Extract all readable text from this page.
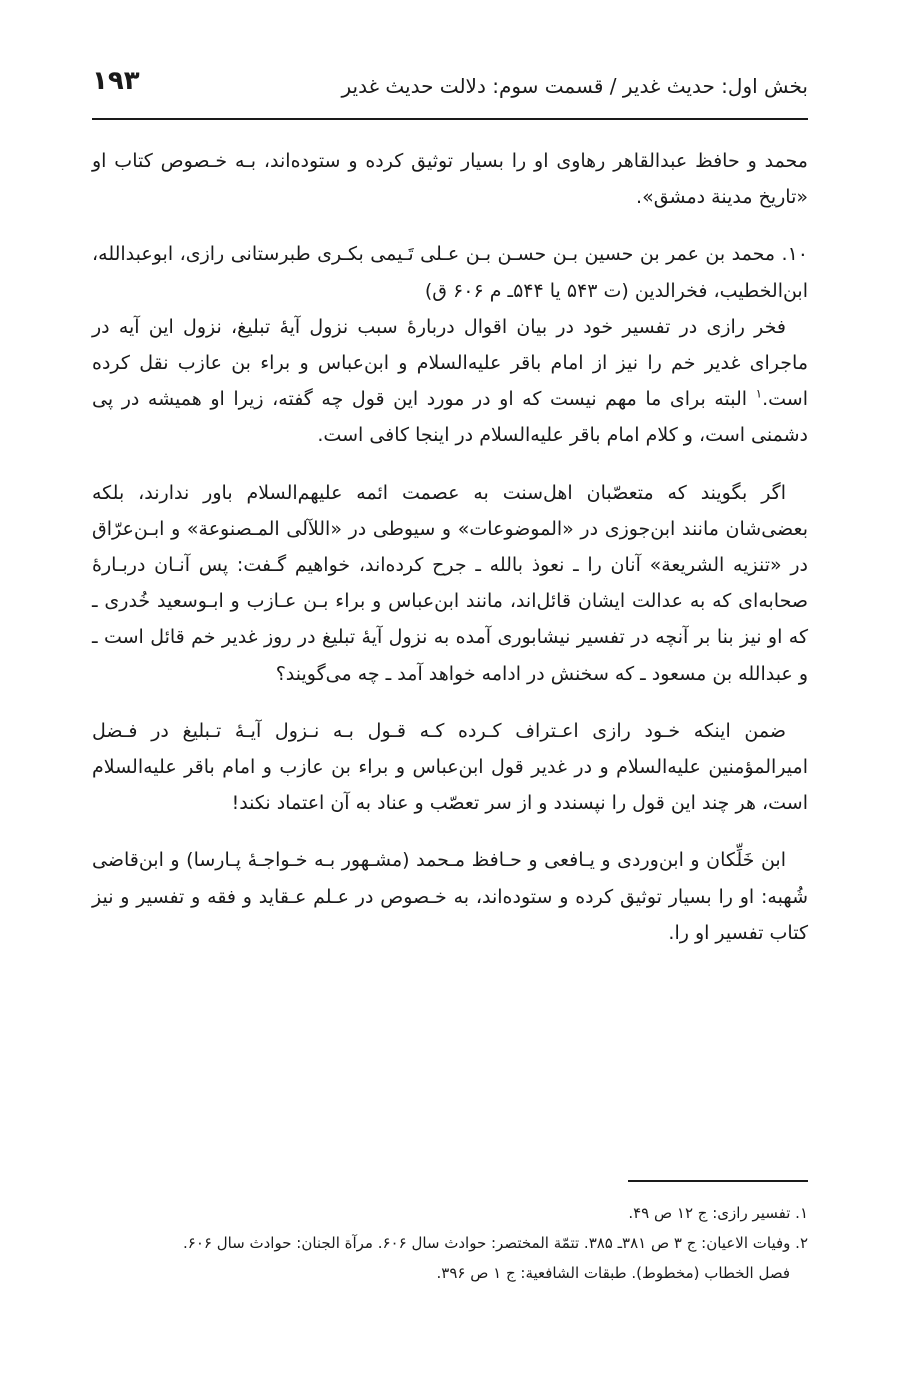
بخش اول: حدیث غدیر / قسمت سوم: دلالت حدیث غدیر
۱۹۳

محمد و حافظ عبدالقاهر رهاوی او را بسیار توثیق کرده و ستوده‌اند، بـه خـصوص کتاب او «تاریخ مدینة دمشق».

۱۰. محمد بن عمر بن حسین بـن حسـن بـن عـلی تَـیمی بکـری طبرستانی رازی، ابوعبدالله، ابن‌الخطیب، فخرالدین (ت ۵۴۳ یا ۵۴۴ـ م ۶۰۶ ق)

فخر رازی در تفسیر خود در بیان اقوال دربارهٔ سبب نزول آیهٔ تبلیغ، نزول این آیه در ماجرای غدیر خم را نیز از امام باقر علیه‌السلام و ابن‌عباس و براء بن عازب نقل کرده است.$^۱$ البته برای ما مهم نیست که او در مورد این قول چه گفته، زیرا او همیشه در پی دشمنی است، و کلام امام باقر علیه‌السلام در اینجا کافی است.

اگر بگویند که متعصّبان اهل‌سنت به عصمت ائمه علیهم‌السلام باور ندارند، بلکه بعضی‌شان مانند ابن‌جوزی در «الموضوعات» و سیوطی در «اللآلی المـصنوعة» و ابـن‌عرّاق در «تنزیه الشریعة» آنان را ـ نعوذ بالله ـ جرح کرده‌اند، خواهیم گـفت: پس آنـان دربـارهٔ صحابه‌ای که به عدالت ایشان قائل‌اند، مانند ابن‌عباس و براء بـن عـازب و ابـوسعید خُدری ـ که او نیز بنا بر آنچه در تفسیر نیشابوری آمده به نزول آیهٔ تبلیغ در روز غدیر خم قائل است ـ و عبدالله بن مسعود ـ که سخنش در ادامه خواهد آمد ـ چه می‌گویند؟

ضمن اینکه خـود رازی اعـتراف کـرده کـه قـول بـه نـزول آیـهٔ تـبلیغ در فـضل امیرالمؤمنین علیه‌السلام و در غدیر قول ابن‌عباس و براء بن عازب و امام باقر علیه‌السلام است، هر چند این قول را نپسندد و از سر تعصّب و عناد به آن اعتماد نکند!

ابن خَلِّکان و ابن‌وردی و یـافعی و حـافظ مـحمد (مشـهور بـه خـواجـهٔ پـارسا) و ابن‌قاضی شُهبه: او را بسیار توثیق کرده و ستوده‌اند، به خـصوص در عـلم عـقاید و فقه و تفسیر و نیز کتاب تفسیر او را.

۱. تفسیر رازی: ج ۱۲ ص ۴۹.

۲. وفیات الاعیان: ج ۳ ص ۳۸۱ـ ۳۸۵. تتمّة المختصر: حوادث سال ۶۰۶. مرآة الجنان: حوادث سال ۶۰۶.

فصل الخطاب (مخطوط). طبقات الشافعیة: ج ۱ ص ۳۹۶.
